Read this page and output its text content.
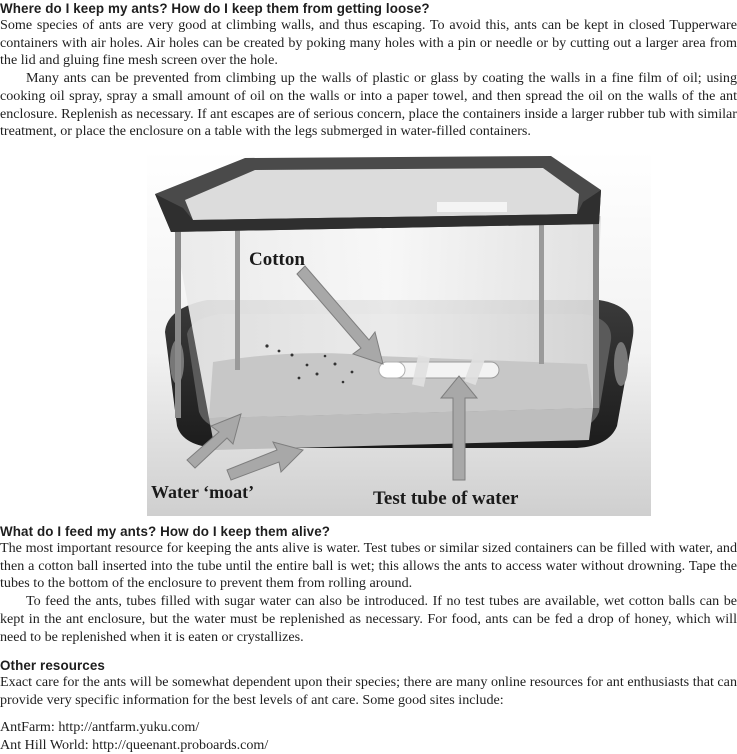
Where do I keep my ants? How do I keep them from getting loose?

Some species of ants are very good at climbing walls, and thus escaping. To avoid this, ants can be kept in closed Tupperware containers with air holes. Air holes can be created by poking many holes with a pin or needle or by cutting out a larger area from the lid and gluing fine mesh screen over the hole.

Many ants can be prevented from climbing up the walls of plastic or glass by coating the walls in a fine film of oil; using cooking oil spray, spray a small amount of oil on the walls or into a paper towel, and then spread the oil on the walls of the ant enclosure. Replenish as necessary. If ant escapes are of serious concern, place the containers inside a larger rubber tub with similar treatment, or place the enclosure on a table with the legs submerged in water-filled containers.

Cotton
Water ‘moat’	Test tube of water
What do I feed my ants? How do I keep them alive?

The most important resource for keeping the ants alive is water. Test tubes or similar sized containers can be filled with water, and then a cotton ball inserted into the tube until the entire ball is wet; this allows the ants to access water without drowning. Tape the tubes to the bottom of the enclosure to prevent them from rolling around.

To feed the ants, tubes filled with sugar water can also be introduced. If no test tubes are available, wet cotton balls can be kept in the ant enclosure, but the water must be replenished as necessary. For food, ants can be fed a drop of honey, which will need to be replenished when it is eaten or crystallizes.

Other resources

Exact care for the ants will be somewhat dependent upon their species; there are many online resources for ant enthusiasts that can provide very specific information for the best levels of ant care. Some good sites include:

AntFarm: http://antfarm.yuku.com/

Ant Hill World: http://queenant.proboards.com/
